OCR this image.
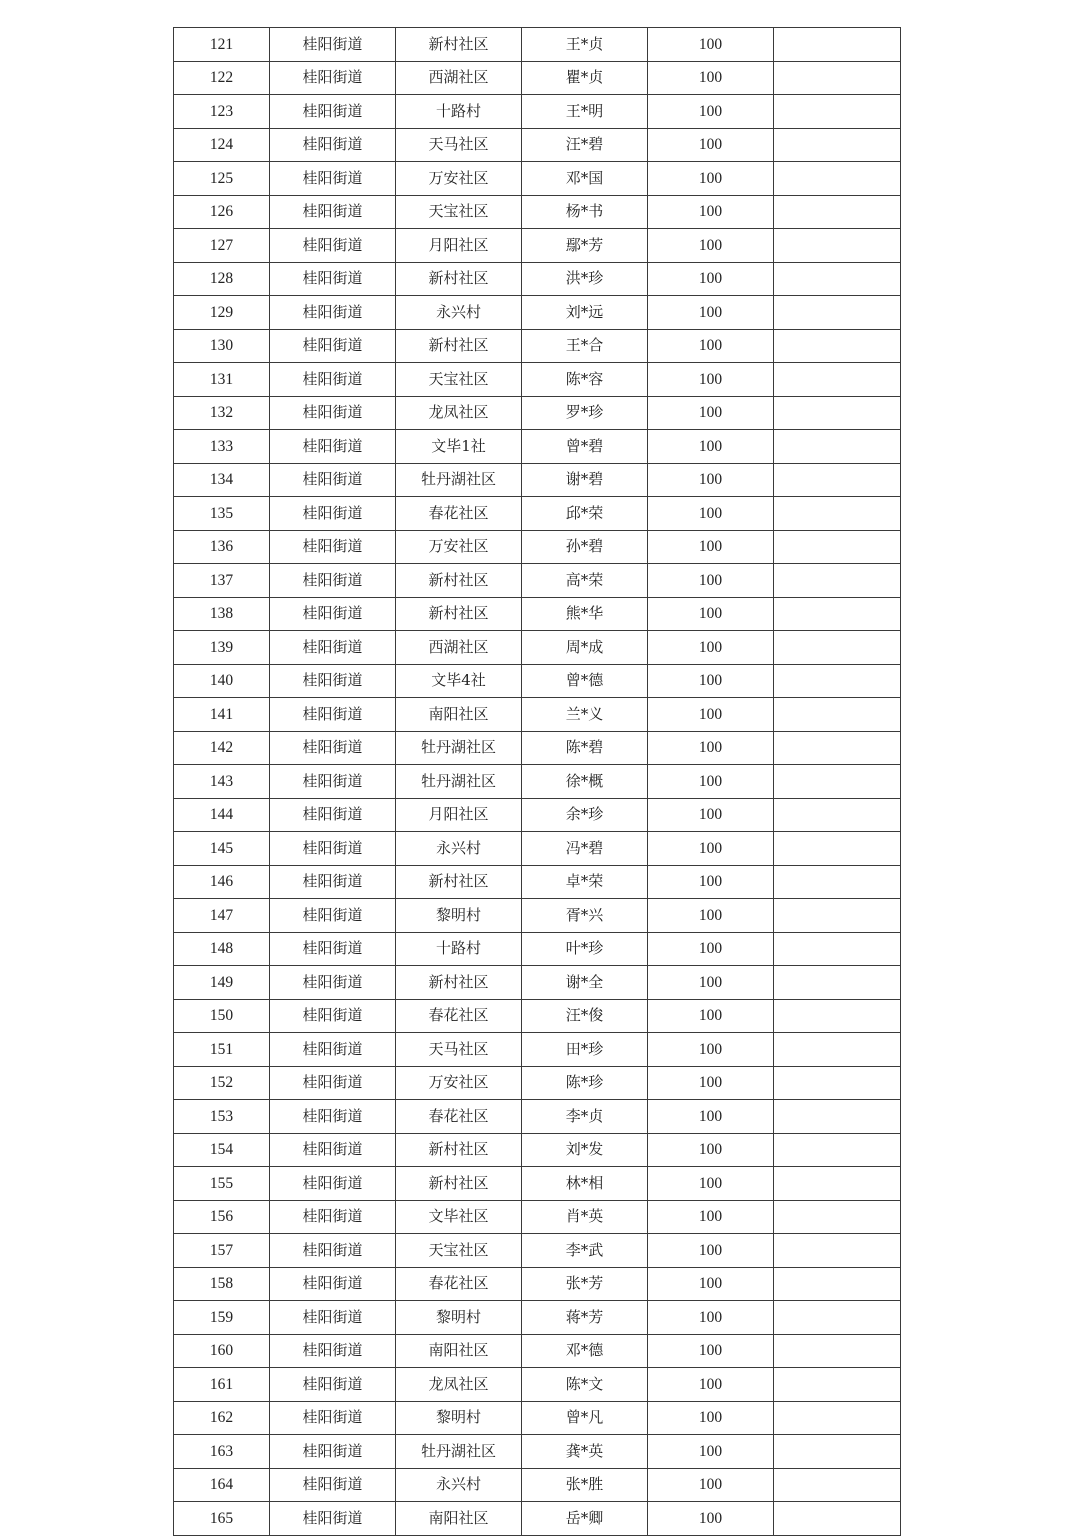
121	桂阳街道	新村社区	王*贞	100	
122	桂阳街道	西湖社区	瞿*贞	100	
123	桂阳街道	十路村	王*明	100	
124	桂阳街道	天马社区	汪*碧	100	
125	桂阳街道	万安社区	邓*国	100	
126	桂阳街道	天宝社区	杨*书	100	
127	桂阳街道	月阳社区	鄢*芳	100	
128	桂阳街道	新村社区	洪*珍	100	
129	桂阳街道	永兴村	刘*远	100	
130	桂阳街道	新村社区	王*合	100	
131	桂阳街道	天宝社区	陈*容	100	
132	桂阳街道	龙凤社区	罗*珍	100	
133	桂阳街道	文毕1社	曾*碧	100	
134	桂阳街道	牡丹湖社区	谢*碧	100	
135	桂阳街道	春花社区	邱*荣	100	
136	桂阳街道	万安社区	孙*碧	100	
137	桂阳街道	新村社区	高*荣	100	
138	桂阳街道	新村社区	熊*华	100	
139	桂阳街道	西湖社区	周*成	100	
140	桂阳街道	文毕4社	曾*德	100	
141	桂阳街道	南阳社区	兰*义	100	
142	桂阳街道	牡丹湖社区	陈*碧	100	
143	桂阳街道	牡丹湖社区	徐*概	100	
144	桂阳街道	月阳社区	余*珍	100	
145	桂阳街道	永兴村	冯*碧	100	
146	桂阳街道	新村社区	卓*荣	100	
147	桂阳街道	黎明村	胥*兴	100	
148	桂阳街道	十路村	叶*珍	100	
149	桂阳街道	新村社区	谢*全	100	
150	桂阳街道	春花社区	汪*俊	100	
151	桂阳街道	天马社区	田*珍	100	
152	桂阳街道	万安社区	陈*珍	100	
153	桂阳街道	春花社区	李*贞	100	
154	桂阳街道	新村社区	刘*发	100	
155	桂阳街道	新村社区	林*相	100	
156	桂阳街道	文毕社区	肖*英	100	
157	桂阳街道	天宝社区	李*武	100	
158	桂阳街道	春花社区	张*芳	100	
159	桂阳街道	黎明村	蒋*芳	100	
160	桂阳街道	南阳社区	邓*德	100	
161	桂阳街道	龙凤社区	陈*文	100	
162	桂阳街道	黎明村	曾*凡	100	
163	桂阳街道	牡丹湖社区	龚*英	100	
164	桂阳街道	永兴村	张*胜	100	
165	桂阳街道	南阳社区	岳*卿	100	
